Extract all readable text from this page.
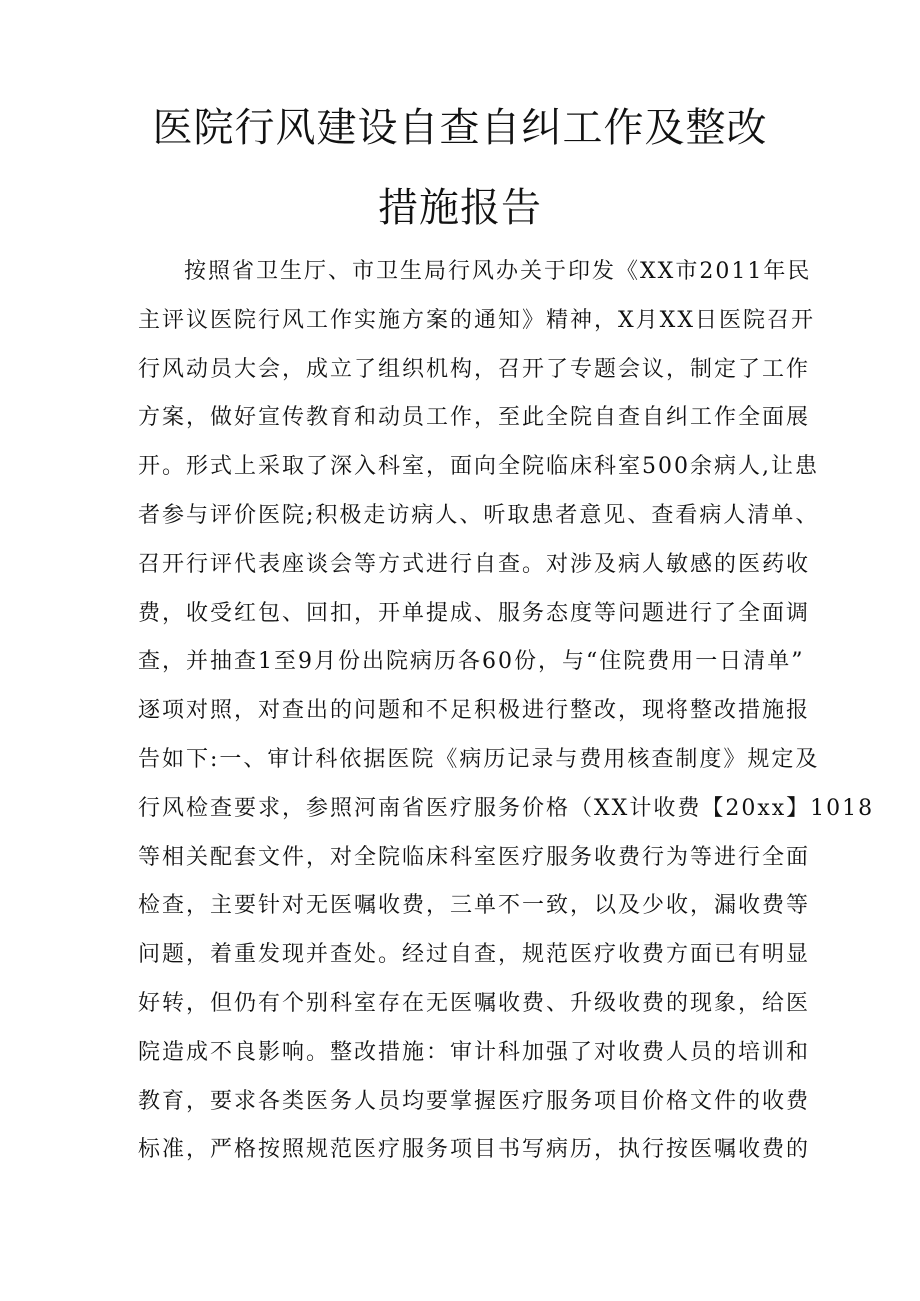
医院行风建设自查自纠工作及整改
措施报告
按照省卫生厅、市卫生局行风办关于印发《XX市2011年民
主评议医院行风工作实施方案的通知》精神，X月XX日医院召开
行风动员大会，成立了组织机构，召开了专题会议，制定了工作
方案，做好宣传教育和动员工作，至此全院自查自纠工作全面展
开。形式上采取了深入科室，面向全院临床科室500余病人,让患
者参与评价医院;积极走访病人、听取患者意见、查看病人清单、
召开行评代表座谈会等方式进行自查。对涉及病人敏感的医药收
费，收受红包、回扣，开单提成、服务态度等问题进行了全面调
查，并抽查1至9月份出院病历各60份，与“住院费用一日清单”
逐项对照，对查出的问题和不足积极进行整改，现将整改措施报
告如下:一、审计科依据医院《病历记录与费用核查制度》规定及
行风检查要求，参照河南省医疗服务价格（XX计收费【20xx】1018
等相关配套文件，对全院临床科室医疗服务收费行为等进行全面
检查，主要针对无医嘱收费，三单不一致，以及少收，漏收费等
问题，着重发现并查处。经过自查，规范医疗收费方面已有明显
好转，但仍有个别科室存在无医嘱收费、升级收费的现象，给医
院造成不良影响。整改措施：审计科加强了对收费人员的培训和
教育，要求各类医务人员均要掌握医疗服务项目价格文件的收费
标准，严格按照规范医疗服务项目书写病历，执行按医嘱收费的
